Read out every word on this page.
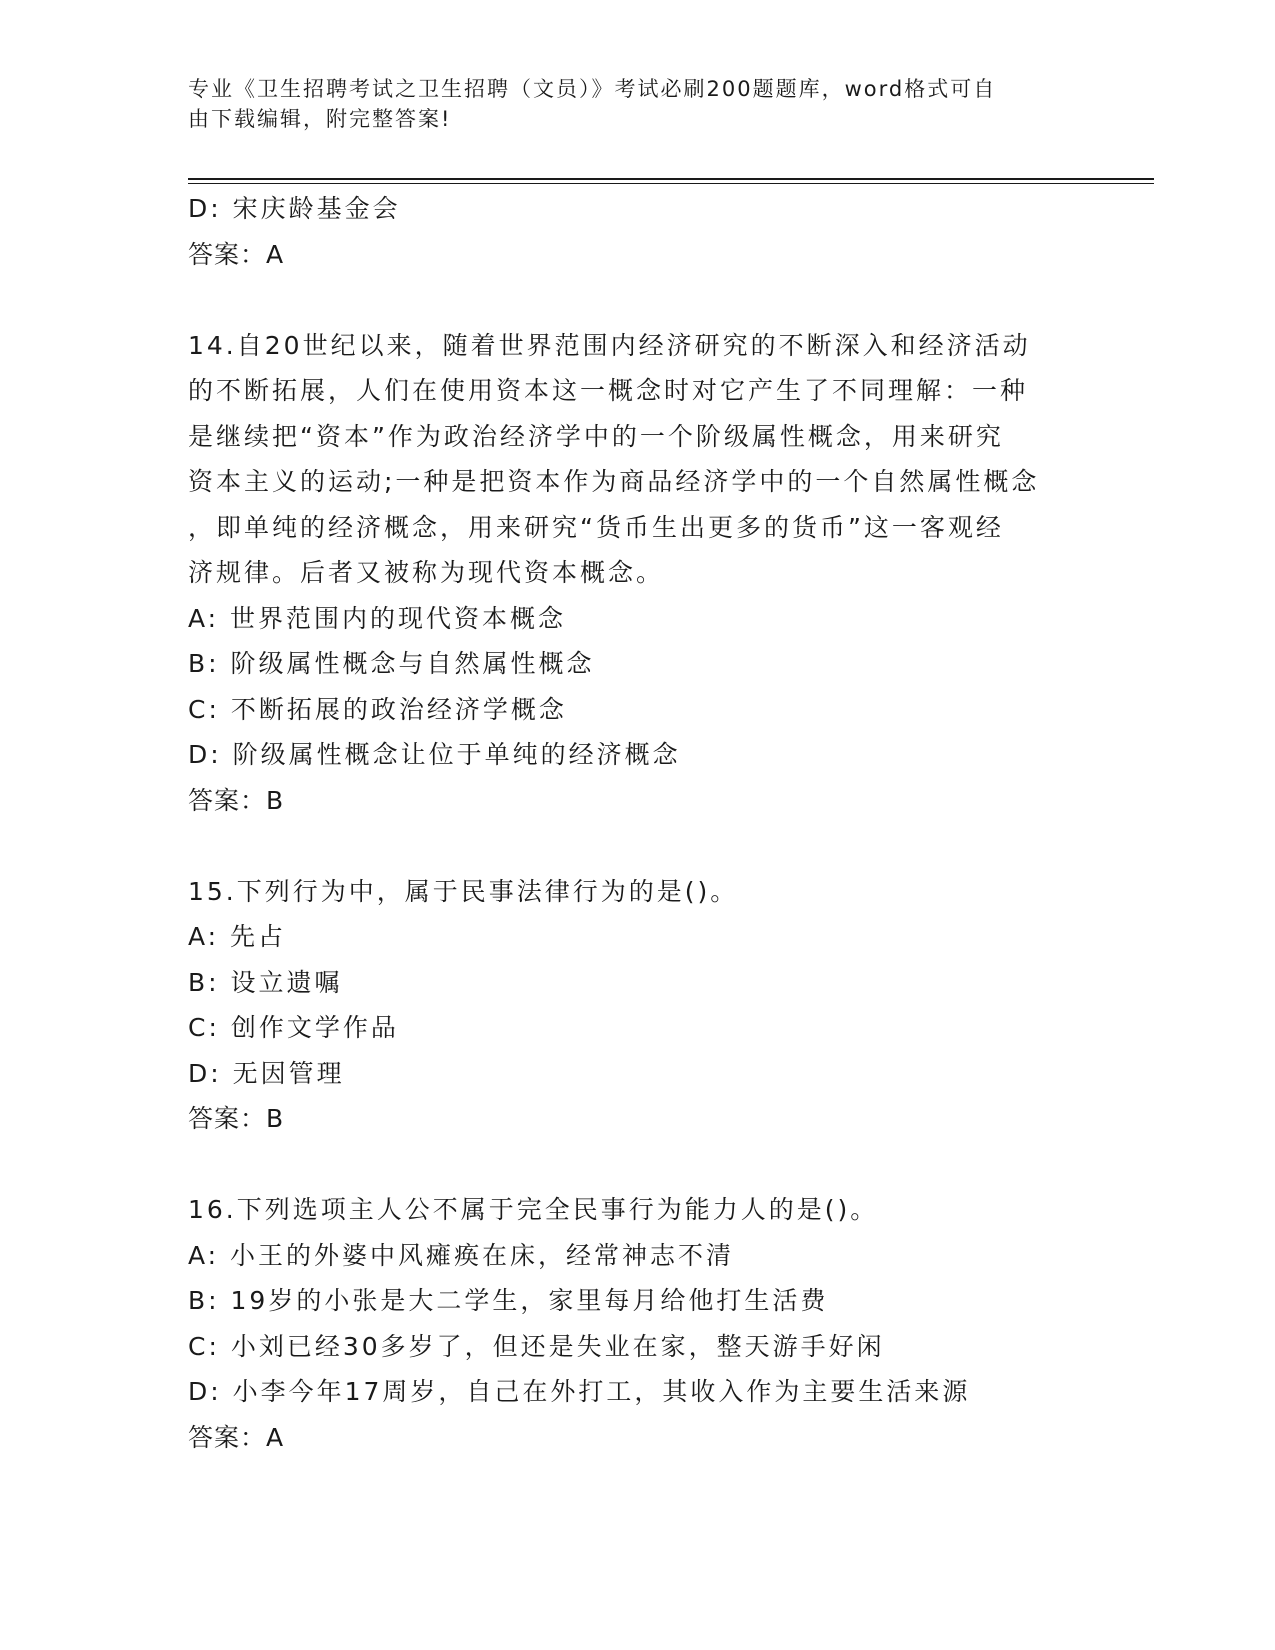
专业《卫生招聘考试之卫生招聘（文员）》考试必刷200题题库，word格式可自
由下载编辑，附完整答案!
D: 宋庆龄基金会
答案：A
14.自20世纪以来，随着世界范围内经济研究的不断深入和经济活动
的不断拓展，人们在使用资本这一概念时对它产生了不同理解：一种
是继续把“资本”作为政治经济学中的一个阶级属性概念，用来研究
资本主义的运动;一种是把资本作为商品经济学中的一个自然属性概念
，即单纯的经济概念，用来研究“货币生出更多的货币”这一客观经
济规律。后者又被称为现代资本概念。
A: 世界范围内的现代资本概念
B: 阶级属性概念与自然属性概念
C: 不断拓展的政治经济学概念
D: 阶级属性概念让位于单纯的经济概念
答案：B
15.下列行为中，属于民事法律行为的是()。
A: 先占
B: 设立遗嘱
C: 创作文学作品
D: 无因管理
答案：B
16.下列选项主人公不属于完全民事行为能力人的是()。
A: 小王的外婆中风瘫痪在床，经常神志不清
B: 19岁的小张是大二学生，家里每月给他打生活费
C: 小刘已经30多岁了，但还是失业在家，整天游手好闲
D: 小李今年17周岁，自己在外打工，其收入作为主要生活来源
答案：A
